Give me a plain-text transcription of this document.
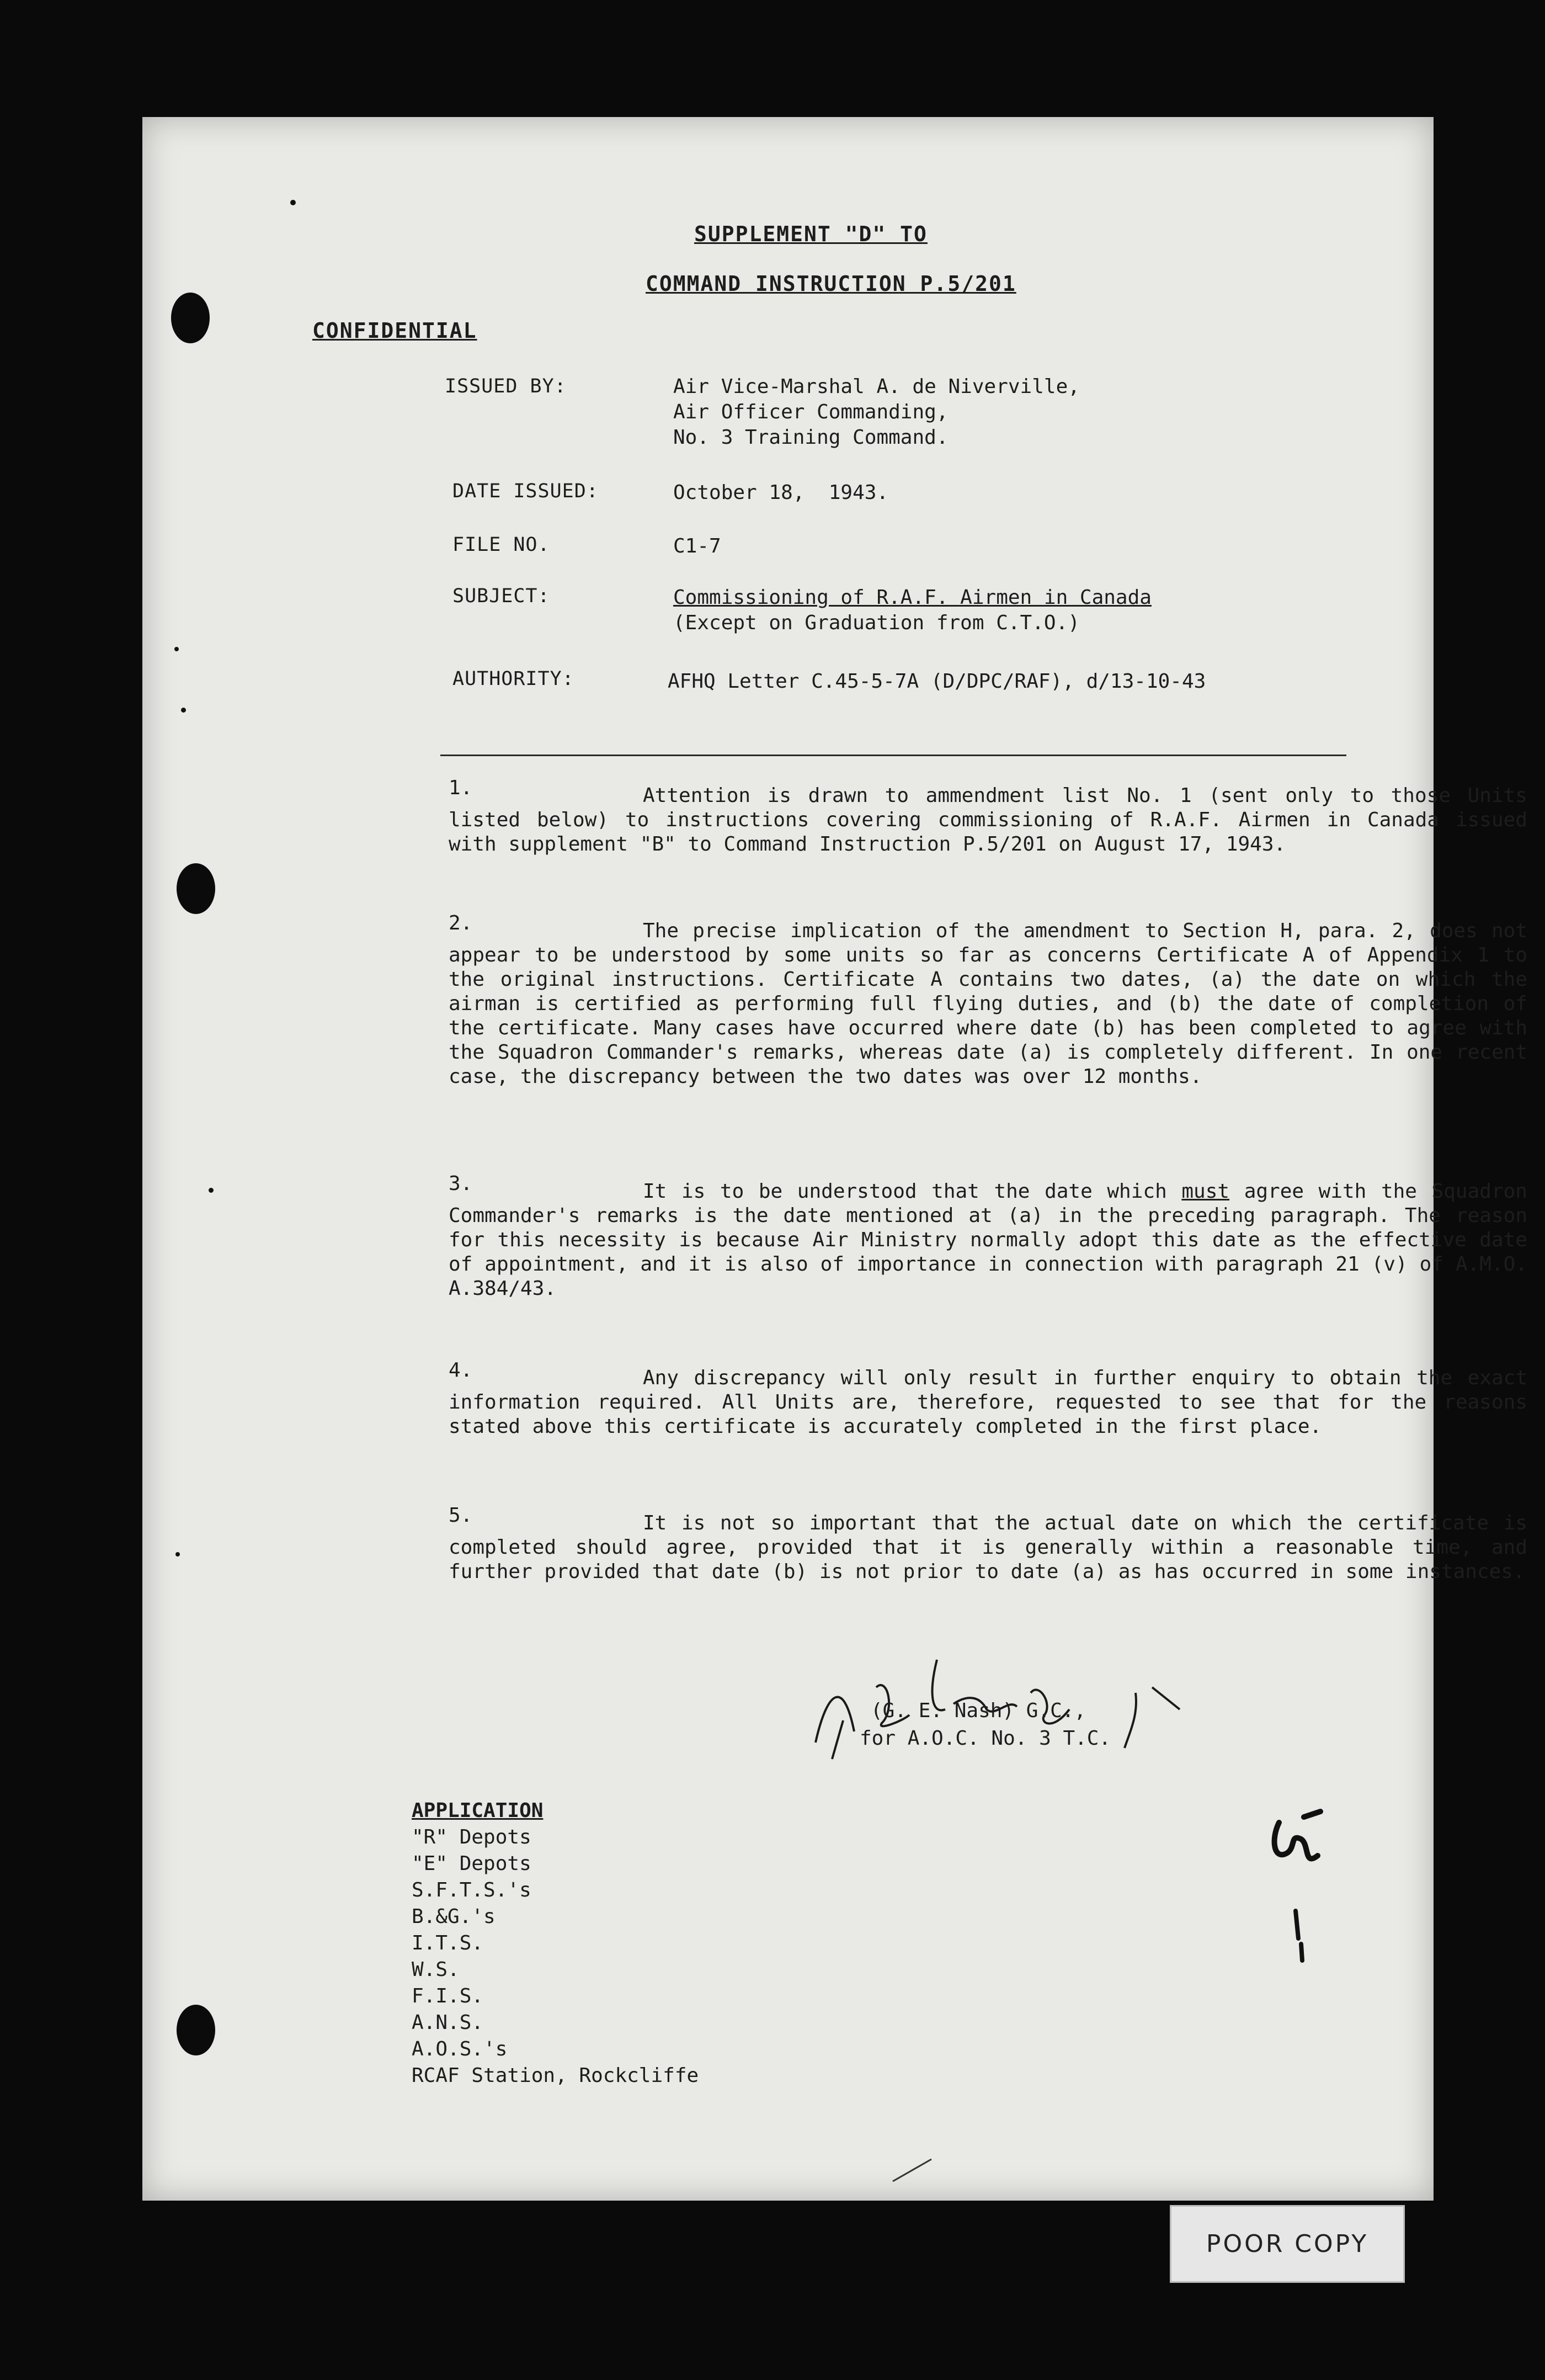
SUPPLEMENT "D" TO
COMMAND INSTRUCTION P.5/201
CONFIDENTIAL
ISSUED BY:	Air Vice-Marshal A. de Niverville,
Air Officer Commanding,
No. 3 Training Command.
DATE ISSUED:	October 18,  1943.
FILE NO.	C1-7
SUBJECT:	Commissioning of R.A.F. Airmen in Canada
(Except on Graduation from C.T.O.)
AUTHORITY:	AFHQ Letter C.45-5-7A (D/DPC/RAF), d/13-10-43
1.	Attention is drawn to ammendment list No. 1 (sent only to those Units listed below) to instructions covering commissioning of R.A.F. Airmen in Canada issued with supplement "B" to Command Instruction P.5/201 on August 17, 1943.
2.	The precise implication of the amendment to Section H, para. 2, does not appear to be understood by some units so far as concerns Certificate A of Appendix 1 to the original instructions. Certificate A contains two dates, (a) the date on which the airman is certified as performing full flying duties, and (b) the date of completion of the certificate. Many cases have occurred where date (b) has been completed to agree with the Squadron Commander's remarks, whereas date (a) is completely different. In one recent case, the discrepancy between the two dates was over 12 months.
3.	It is to be understood that the date which must agree with the Squadron Commander's remarks is the date mentioned at (a) in the preceding paragraph. The reason for this necessity is because Air Ministry normally adopt this date as the effective date of appointment, and it is also of importance in connection with paragraph 21 (v) of A.M.O. A.384/43.
4.	Any discrepancy will only result in further enquiry to obtain the exact information required. All Units are, therefore, requested to see that for the reasons stated above this certificate is accurately completed in the first place.
5.	It is not so important that the actual date on which the certificate is completed should agree, provided that it is generally within a reasonable time, and further provided that date (b) is not prior to date (a) as has occurred in some instances.
(G. E. Nash) G.C.,
for A.O.C. No. 3 T.C.
APPLICATION
"R" Depots
"E" Depots
S.F.T.S.'s
B.&G.'s
I.T.S.
W.S.
F.I.S.
A.N.S.
A.O.S.'s
RCAF Station, Rockcliffe
POOR COPY
